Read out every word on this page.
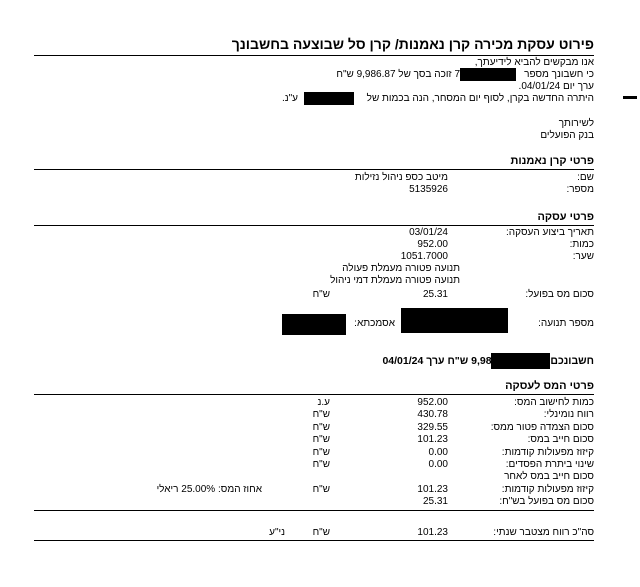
פירוט עסקת מכירה קרן נאמנות/ קרן סל שבוצעה בחשבונך
אנו מבקשים להביא לידיעתך,
כי חשבונך מספר
7 זוכה בסך של 9,986.87 ש"ח
ערך יום 04/01/24.
היתרה החדשה בקרן, לסוף יום המסחר, הנה בכמות של
ע"נ.
לשירותך
בנק הפועלים
פרטי קרן נאמנות
שם:
מיטב כספ ניהול נזילות
מספר:
5135926
פרטי עסקה
תאריך ביצוע העסקה:
03/01/24
כמות:
952.00
שער:
1051.7000
תנועה פטורה מעמלת פעולה
תנועה פטורה מעמלת דמי ניהול
סכום מס בפועל:
25.31
ש"ח
מספר תנועה:
אסמכתא:
חשבונכם
זוכה ב- 9,986.87 ש"ח ערך 04/01/24
פרטי המס לעסקה
כמות לחישוב המס:
952.00
ע.נ
רווח נומינלי:
430.78
ש"ח
סכום הצמדה פטור ממס:
329.55
ש"ח
סכום חייב במס:
101.23
ש"ח
קיזוז מפעולות קודמות:
0.00
ש"ח
שינוי ביתרת הפסדים:
0.00
ש"ח
סכום חייב במס לאחר
קיזוז מפעולות קודמות:
101.23
ש"ח
אחוז המס: 25.00% ריאלי
סכום מס בפועל בש"ח:
25.31
סה"כ רווח מצטבר שנתי:
101.23
ש"ח
ני"ע
